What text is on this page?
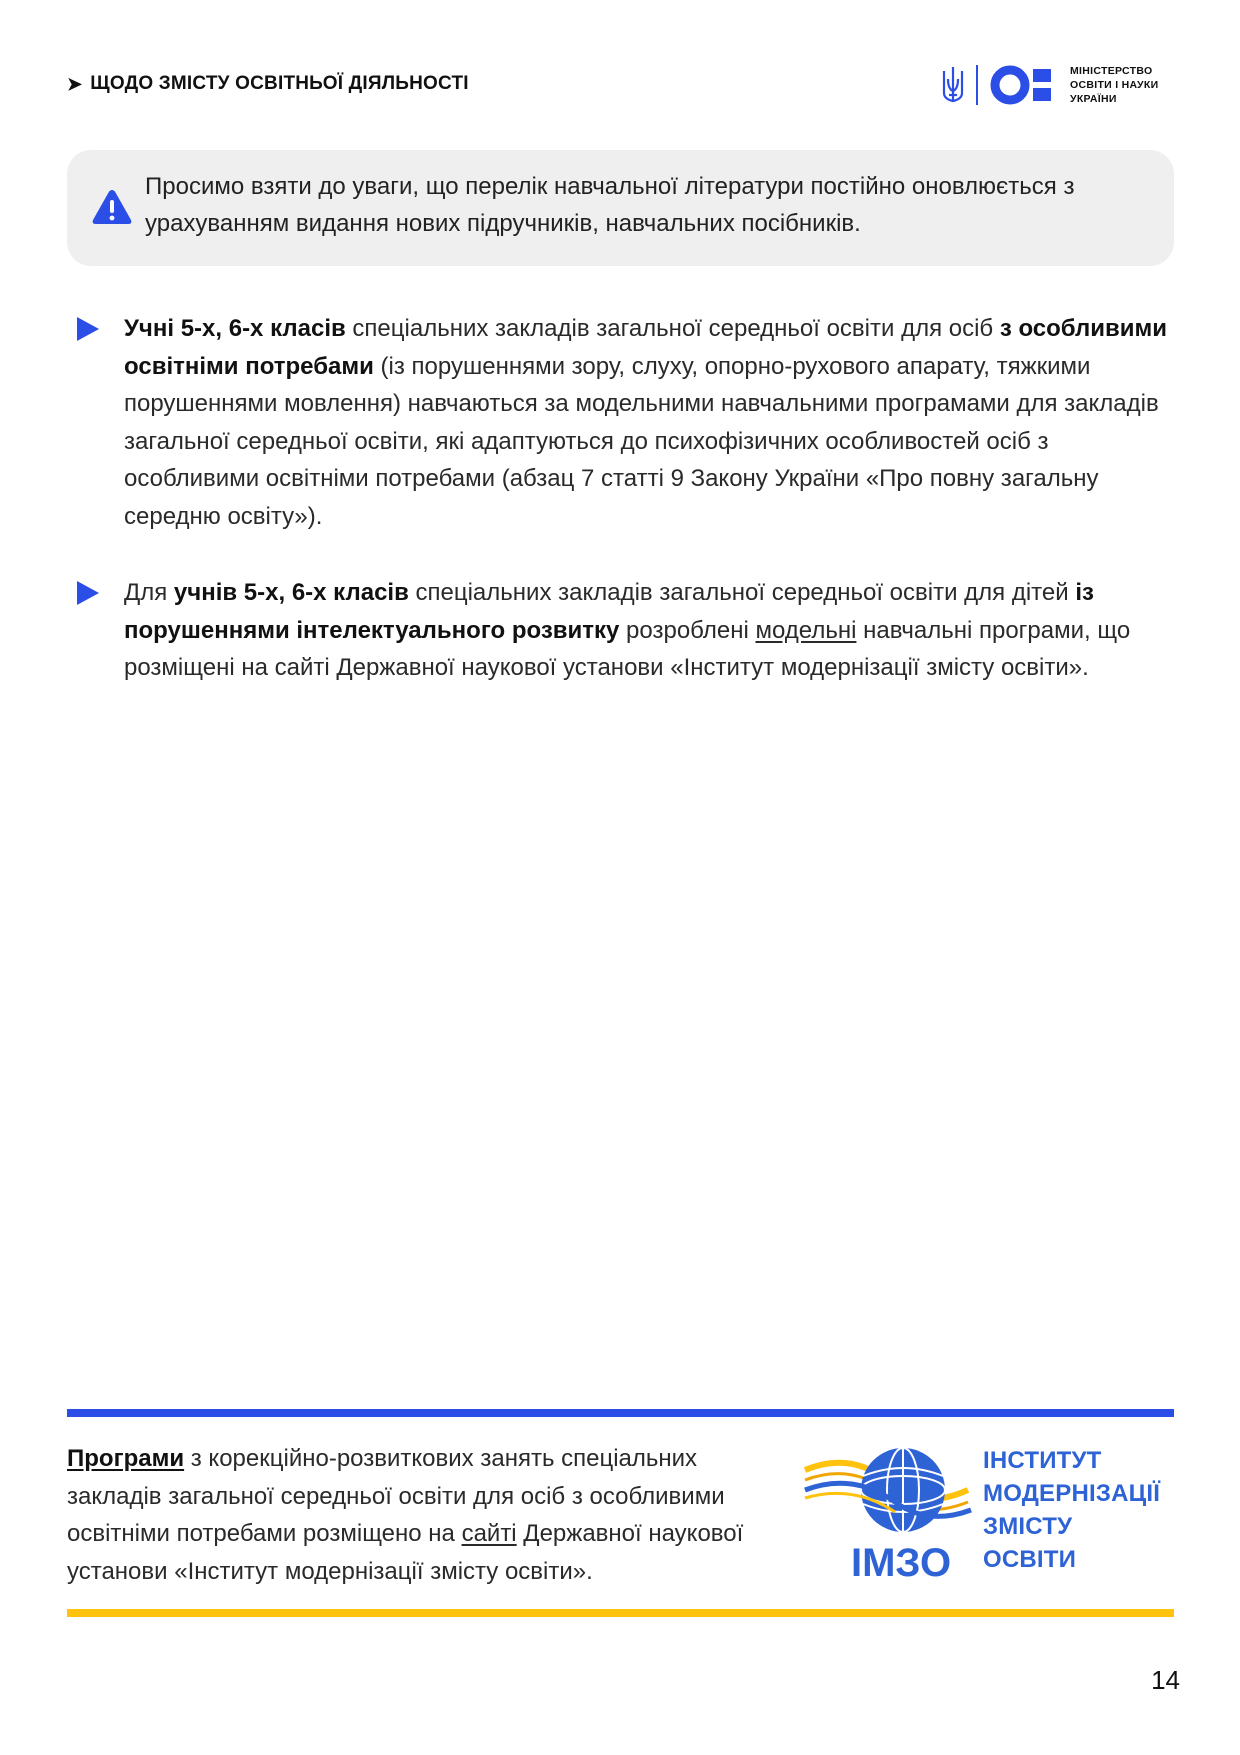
➤ ЩОДО ЗМІСТУ ОСВІТНЬОЇ ДІЯЛЬНОСТІ
МІНІСТЕРСТВО
ОСВІТИ І НАУКИ
УКРАЇНИ
Просимо взяти до уваги, що перелік навчальної літератури постійно оновлюється з урахуванням видання нових підручників, навчальних посібників.
Учні 5-х, 6-х класів спеціальних закладів загальної середньої освіти для осіб з особливими освітніми потребами (із порушеннями зору, слуху, опорно-рухового апарату, тяжкими порушеннями мовлення) навчаються за модельними навчальними програмами для закладів загальної середньої освіти, які адаптуються до психофізичних особливостей осіб з особливими освітніми потребами (абзац 7 статті 9 Закону України «Про повну загальну середню освіту»).
Для учнів 5-х, 6-х класів спеціальних закладів загальної середньої освіти для дітей із порушеннями інтелектуального розвитку розроблені модельні навчальні програми, що розміщені на сайті Державної наукової установи «Інститут модернізації змісту освіти».
Програми з корекційно-розвиткових занять спеціальних закладів загальної середньої освіти для осіб з особливими освітніми потребами розміщено на сайті Державної наукової установи «Інститут модернізації змісту освіти».	ІМЗО
ІНСТИТУТ
МОДЕРНІЗАЦІЇ
ЗМІСТУ
ОСВІТИ
14
